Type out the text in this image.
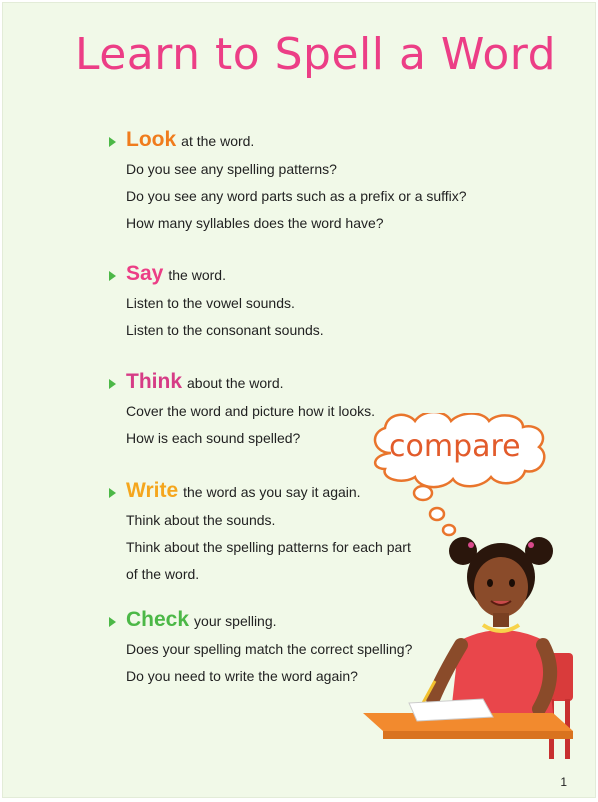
Learn to Spell a Word
Look at the word.
Do you see any spelling patterns?
Do you see any word parts such as a prefix or a suffix?
How many syllables does the word have?
Say the word.
Listen to the vowel sounds.
Listen to the consonant sounds.
Think about the word.
Cover the word and picture how it looks.
How is each sound spelled?
Write the word as you say it again.
Think about the sounds.
Think about the spelling patterns for each part
of the word.
Check your spelling.
Does your spelling match the correct spelling?
Do you need to write the word again?
compare
1
